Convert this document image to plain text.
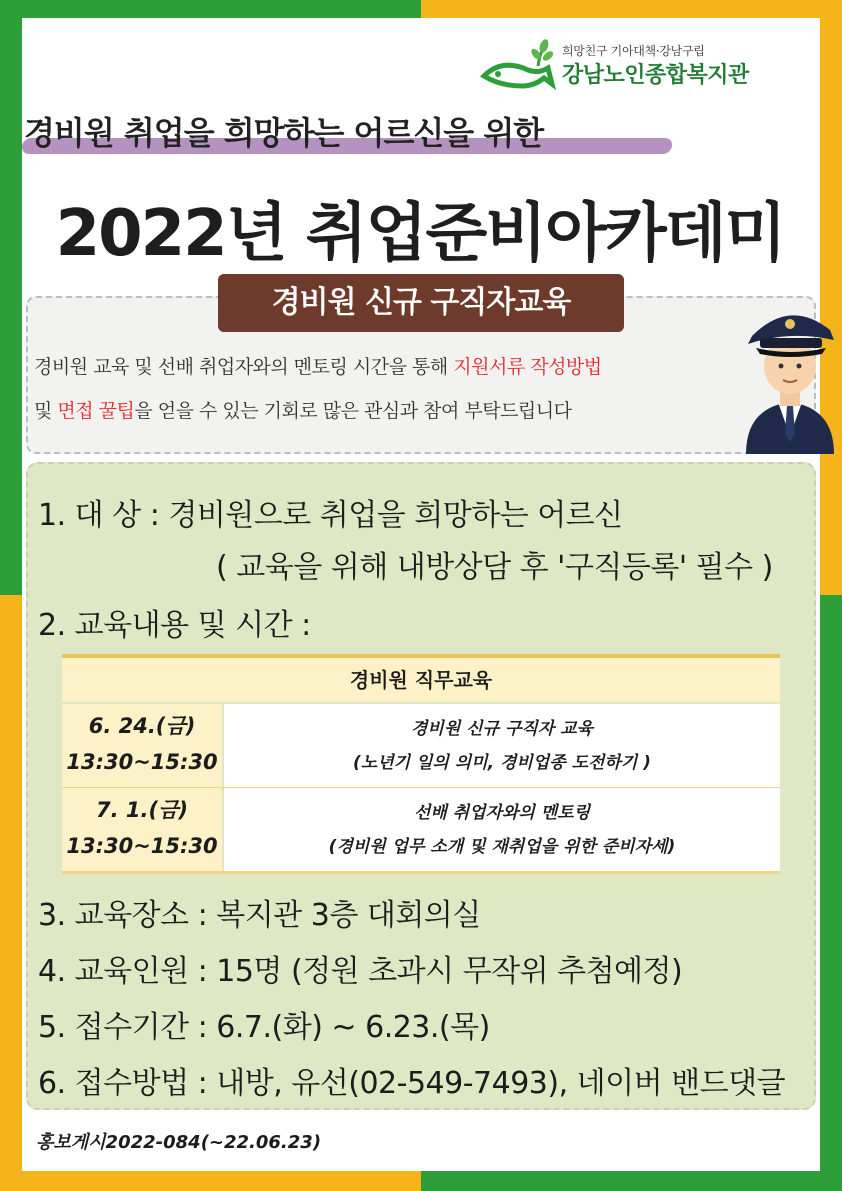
희망친구 기아대책·강남구립
강남노인종합복지관
경비원 취업을 희망하는 어르신을 위한
2022년 취업준비아카데미
경비원 신규 구직자교육
경비원 교육 및 선배 취업자와의 멘토링 시간을 통해 지원서류 작성방법
및 면접 꿀팁을 얻을 수 있는 기회로 많은 관심과 참여 부탁드립니다
1. 대 상 : 경비원으로 취업을 희망하는 어르신
( 교육을 위해 내방상담 후 '구직등록' 필수 )
2. 교육내용 및 시간 :
경비원 직무교육
6. 24.(금)
13:30~15:30
경비원 신규 구직자 교육
(노년기 일의 의미, 경비업종 도전하기 )
7. 1.(금)
13:30~15:30
선배 취업자와의 멘토링
(경비원 업무 소개 및 재취업을 위한 준비자세)
3. 교육장소 : 복지관 3층 대회의실
4. 교육인원 : 15명 (정원 초과시 무작위 추첨예정)
5. 접수기간 : 6.7.(화) ~ 6.23.(목)
6. 접수방법 : 내방, 유선(02-549-7493), 네이버 밴드댓글
홍보게시2022-084(~22.06.23)
